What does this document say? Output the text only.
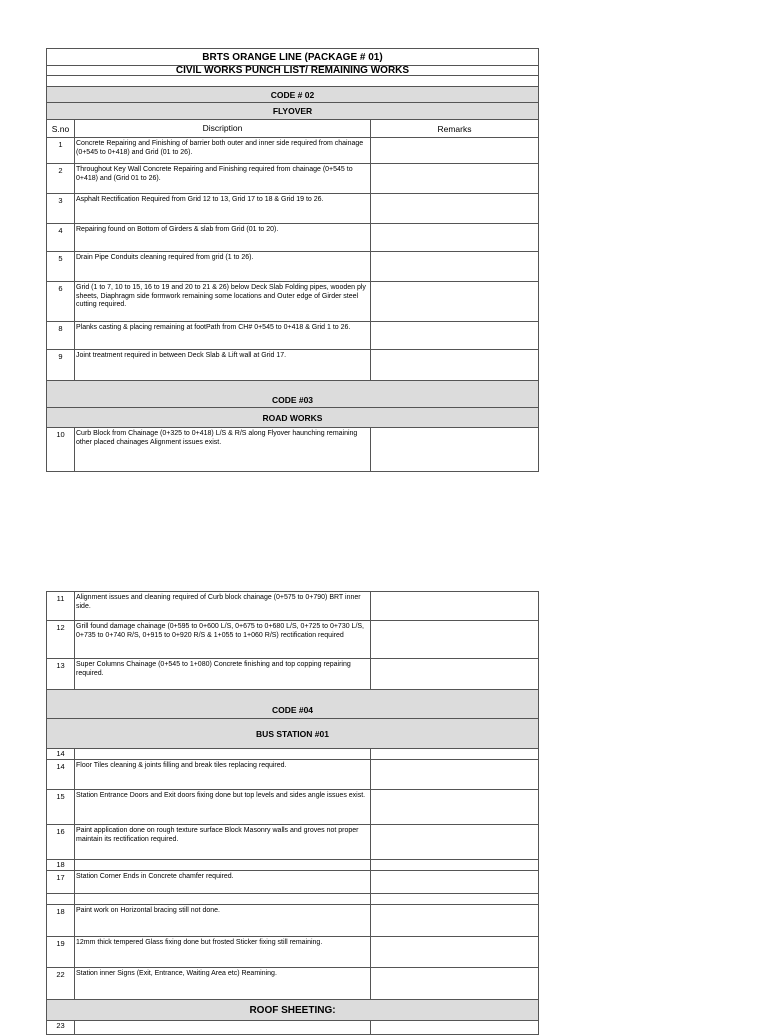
BRTS ORANGE LINE (PACKAGE # 01)
CIVIL WORKS PUNCH LIST/ REMAINING WORKS
CODE # 02
FLYOVER
S.no	Discription	Remarks
1	Concrete Repairing and Finishing of barrier both outer and inner side required from chainage (0+545 to 0+418) and Grid (01 to 26).
2	Throughout Key Wall Concrete Repairing and Finishing required from chainage (0+545 to 0+418) and (Grid 01 to 26).
3	Asphalt Rectification Required from Grid 12 to 13, Grid 17 to 18 & Grid 19 to 26.
4	Repairing found on Bottom of Girders & slab from Grid (01 to 20).
5	Drain Pipe Conduits cleaning required from grid (1 to 26).
6	Grid (1 to 7, 10 to 15, 16 to 19 and 20 to 21 & 26) below Deck Slab Folding pipes, wooden ply sheets, Diaphragm side formwork remaining some locations and Outer edge of Girder steel cutting required.
8	Planks casting & placing remaining at footPath from CH# 0+545 to 0+418 & Grid 1 to 26.
9	Joint treatment required in between Deck Slab & Lift wall at Grid 17.
CODE #03
ROAD WORKS
10	Curb Block from Chainage (0+325 to 0+418) L/S & R/S along Flyover haunching remaining other placed chainages Alignment issues exist.
11	Alignment issues and cleaning required of Curb block chainage (0+575 to 0+790) BRT inner side.
12	Grill found damage chainage (0+595 to 0+600 L/S, 0+675 to 0+680 L/S, 0+725 to 0+730 L/S, 0+735 to 0+740 R/S, 0+915 to 0+920 R/S & 1+055 to 1+060 R/S) rectification required
13	Super Columns Chainage (0+545 to 1+080) Concrete finishing and top copping repairing required.
CODE #04
BUS STATION #01
14
14	Floor Tiles cleaning & joints filling and break tiles replacing required.
15	Station Entrance Doors and Exit doors fixing done but top levels and sides angle issues exist.
16	Paint application done on rough texture surface Block Masonry walls and groves not proper maintain its rectification required.
18
17	Station Corner Ends in Concrete chamfer required.
18	Paint work on Horizontal bracing still not done.
19	12mm thick tempered Glass fixing done but frosted Sticker fixing still remaining.
22	Station inner Signs (Exit, Entrance, Waiting Area etc) Reamining.
ROOF SHEETING:
23
